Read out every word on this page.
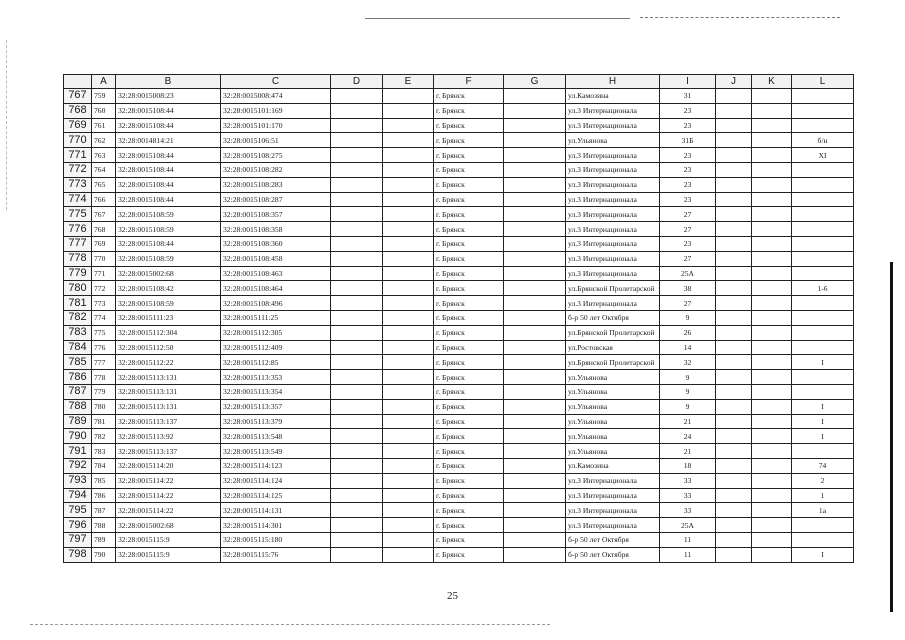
	A	B	C	D	E	F	G	H	I	J	K	L
767	759	32:28:0015008:23	32:28:0015008:474			г. Брянск		ул.Камозина	31			
768	760	32:28:0015108:44	32:28:0015101:169			г. Брянск		ул.3 Интернационала	23			
769	761	32:28:0015108:44	32:28:0015101:170			г. Брянск		ул.3 Интернационала	23			
770	762	32:28:0014814:21	32:28:0015106:51			г. Брянск		ул.Ульянова	31Б			б/н
771	763	32:28:0015108:44	32:28:0015108:275			г. Брянск		ул.3 Интернационала	23			XI
772	764	32:28:0015108:44	32:28:0015108:282			г. Брянск		ул.3 Интернационала	23			
773	765	32:28:0015108:44	32:28:0015108:283			г. Брянск		ул.3 Интернационала	23			
774	766	32:28:0015108:44	32:28:0015108:287			г. Брянск		ул.3 Интернационала	23			
775	767	32:28:0015108:59	32:28:0015108:357			г. Брянск		ул.3 Интернационала	27			
776	768	32:28:0015108:59	32:28:0015108:358			г. Брянск		ул.3 Интернационала	27			
777	769	32:28:0015108:44	32:28:0015108:360			г. Брянск		ул.3 Интернационала	23			
778	770	32:28:0015108:59	32:28:0015108:458			г. Брянск		ул.3 Интернационала	27			
779	771	32:28:0015002:68	32:28:0015108:463			г. Брянск		ул.3 Интернационала	25А			
780	772	32:28:0015108:42	32:28:0015108:464			г. Брянск		ул.Брянской Пролетарской	38			1-6
781	773	32:28:0015108:59	32:28:0015108:496			г. Брянск		ул.3 Интернационала	27			
782	774	32:28:0015111:23	32:28:0015111:25			г. Брянск		б-р 50 лет Октября	9			
783	775	32:28:0015112:304	32:28:0015112:305			г. Брянск		ул.Брянской Пролетарской	26			
784	776	32:28:0015112:50	32:28:0015112:409			г. Брянск		ул.Ростовская	14			
785	777	32:28:0015112:22	32:28:0015112:85			г. Брянск		ул.Брянской Пролетарской	32			I
786	778	32:28:0015113:131	32:28:0015113:353			г. Брянск		ул.Ульянова	9			
787	779	32:28:0015113:131	32:28:0015113:354			г. Брянск		ул.Ульянова	9			
788	780	32:28:0015113:131	32:28:0015113:357			г. Брянск		ул.Ульянова	9			I
789	781	32:28:0015113:137	32:28:0015113:379			г. Брянск		ул.Ульянова	21			I
790	782	32:28:0015113:92	32:28:0015113:548			г. Брянск		ул.Ульянова	24			I
791	783	32:28:0015113:137	32:28:0015113:549			г. Брянск		ул.Ульянова	21			
792	784	32:28:0015114:20	32:28:0015114:123			г. Брянск		ул.Камозина	18			74
793	785	32:28:0015114:22	32:28:0015114:124			г. Брянск		ул.3 Интернационала	33			2
794	786	32:28:0015114:22	32:28:0015114:125			г. Брянск		ул.3 Интернационала	33			1
795	787	32:28:0015114:22	32:28:0015114:131			г. Брянск		ул.3 Интернационала	33			1а
796	788	32:28:0015002:68	32:28:0015114:301			г. Брянск		ул.3 Интернационала	25А			
797	789	32:28:0015115:9	32:28:0015115:180			г. Брянск		б-р 50 лет Октября	11			
798	790	32:28:0015115:9	32:28:0015115:76			г. Брянск		б-р 50 лет Октября	11			I
25
